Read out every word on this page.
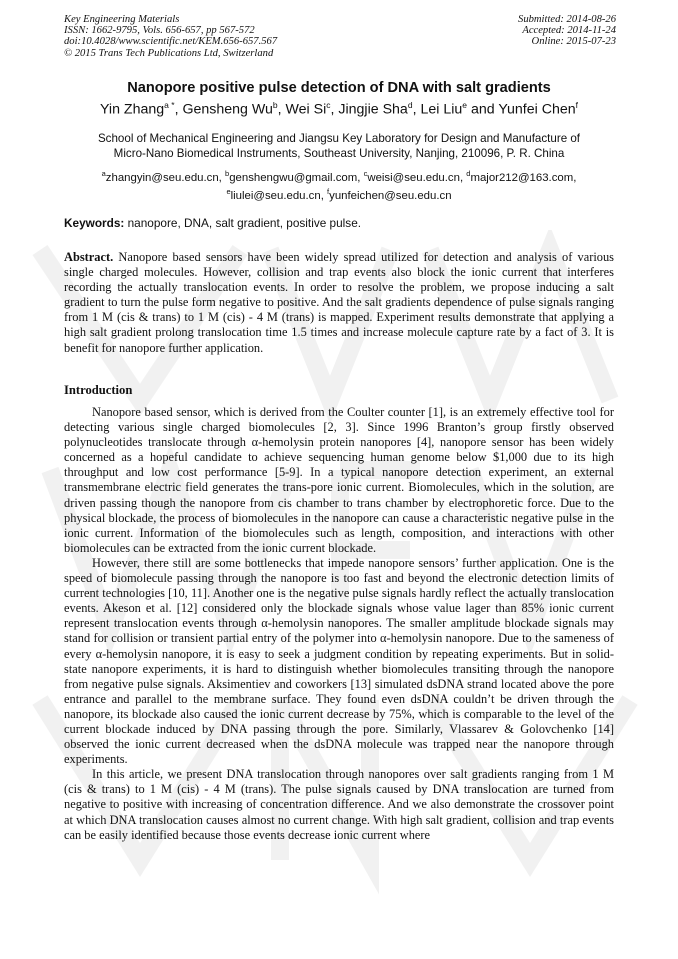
Key Engineering Materials
ISSN: 1662-9795, Vols. 656-657, pp 567-572
doi:10.4028/www.scientific.net/KEM.656-657.567
© 2015 Trans Tech Publications Ltd, Switzerland
Submitted: 2014-08-26
Accepted: 2014-11-24
Online: 2015-07-23
Nanopore positive pulse detection of DNA with salt gradients
Yin Zhang$^{a *}$, Gensheng Wu$^b$, Wei Si$^c$, Jingjie Sha$^d$, Lei Liu$^e$ and Yunfei Chen$^f$
School of Mechanical Engineering and Jiangsu Key Laboratory for Design and Manufacture of
Micro-Nano Biomedical Instruments, Southeast University, Nanjing, 210096, P. R. China
$^a$zhangyin@seu.edu.cn, $^b$genshengwu@gmail.com, $^c$weisi@seu.edu.cn, $^d$major212@163.com,
$^e$liulei@seu.edu.cn, $^f$yunfeichen@seu.edu.cn
Keywords: nanopore, DNA, salt gradient, positive pulse.
Abstract. Nanopore based sensors have been widely spread utilized for detection and analysis of various single charged molecules. However, collision and trap events also block the ionic current that interferes recording the actually translocation events. In order to resolve the problem, we propose inducing a salt gradient to turn the pulse form negative to positive. And the salt gradients dependence of pulse signals ranging from 1 M (cis & trans) to 1 M (cis) - 4 M (trans) is mapped. Experiment results demonstrate that applying a high salt gradient prolong translocation time 1.5 times and increase molecule capture rate by a fact of 3. It is benefit for nanopore further application.
Introduction

Nanopore based sensor, which is derived from the Coulter counter [1], is an extremely effective tool for detecting various single charged biomolecules [2, 3]. Since 1996 Branton’s group firstly observed polynucleotides translocate through α-hemolysin protein nanopores [4], nanopore sensor has been widely concerned as a hopeful candidate to achieve sequencing human genome below $1,000 due to its high throughput and low cost performance [5-9]. In a typical nanopore detection experiment, an external transmembrane electric field generates the trans-pore ionic current. Biomolecules, which in the solution, are driven passing though the nanopore from cis chamber to trans chamber by electrophoretic force. Due to the physical blockade, the process of biomolecules in the nanopore can cause a characteristic negative pulse in the ionic current. Information of the biomolecules such as length, composition, and interactions with other biomolecules can be extracted from the ionic current blockade.

However, there still are some bottlenecks that impede nanopore sensors’ further application. One is the speed of biomolecule passing through the nanopore is too fast and beyond the electronic detection limits of current technologies [10, 11]. Another one is the negative pulse signals hardly reflect the actually translocation events. Akeson et al. [12] considered only the blockade signals whose value lager than 85% ionic current represent translocation events through α-hemolysin nanopores. The smaller amplitude blockade signals may stand for collision or transient partial entry of the polymer into α-hemolysin nanopore. Due to the sameness of every α-hemolysin nanopore, it is easy to seek a judgment condition by repeating experiments. But in solid-state nanopore experiments, it is hard to distinguish whether biomolecules transiting through the nanopore from negative pulse signals. Aksimentiev and coworkers [13] simulated dsDNA strand located above the pore entrance and parallel to the membrane surface. They found even dsDNA couldn’t be driven through the nanopore, its blockade also caused the ionic current decrease by 75%, which is comparable to the level of the current blockade induced by DNA passing through the pore. Similarly, Vlassarev & Golovchenko [14] observed the ionic current decreased when the dsDNA molecule was trapped near the nanopore through experiments.

In this article, we present DNA translocation through nanopores over salt gradients ranging from 1 M (cis & trans) to 1 M (cis) - 4 M (trans). The pulse signals caused by DNA translocation are turned from negative to positive with increasing of concentration difference. And we also demonstrate the crossover point at which DNA translocation causes almost no current change. With high salt gradient, collision and trap events can be easily identified because those events decrease ionic current where
